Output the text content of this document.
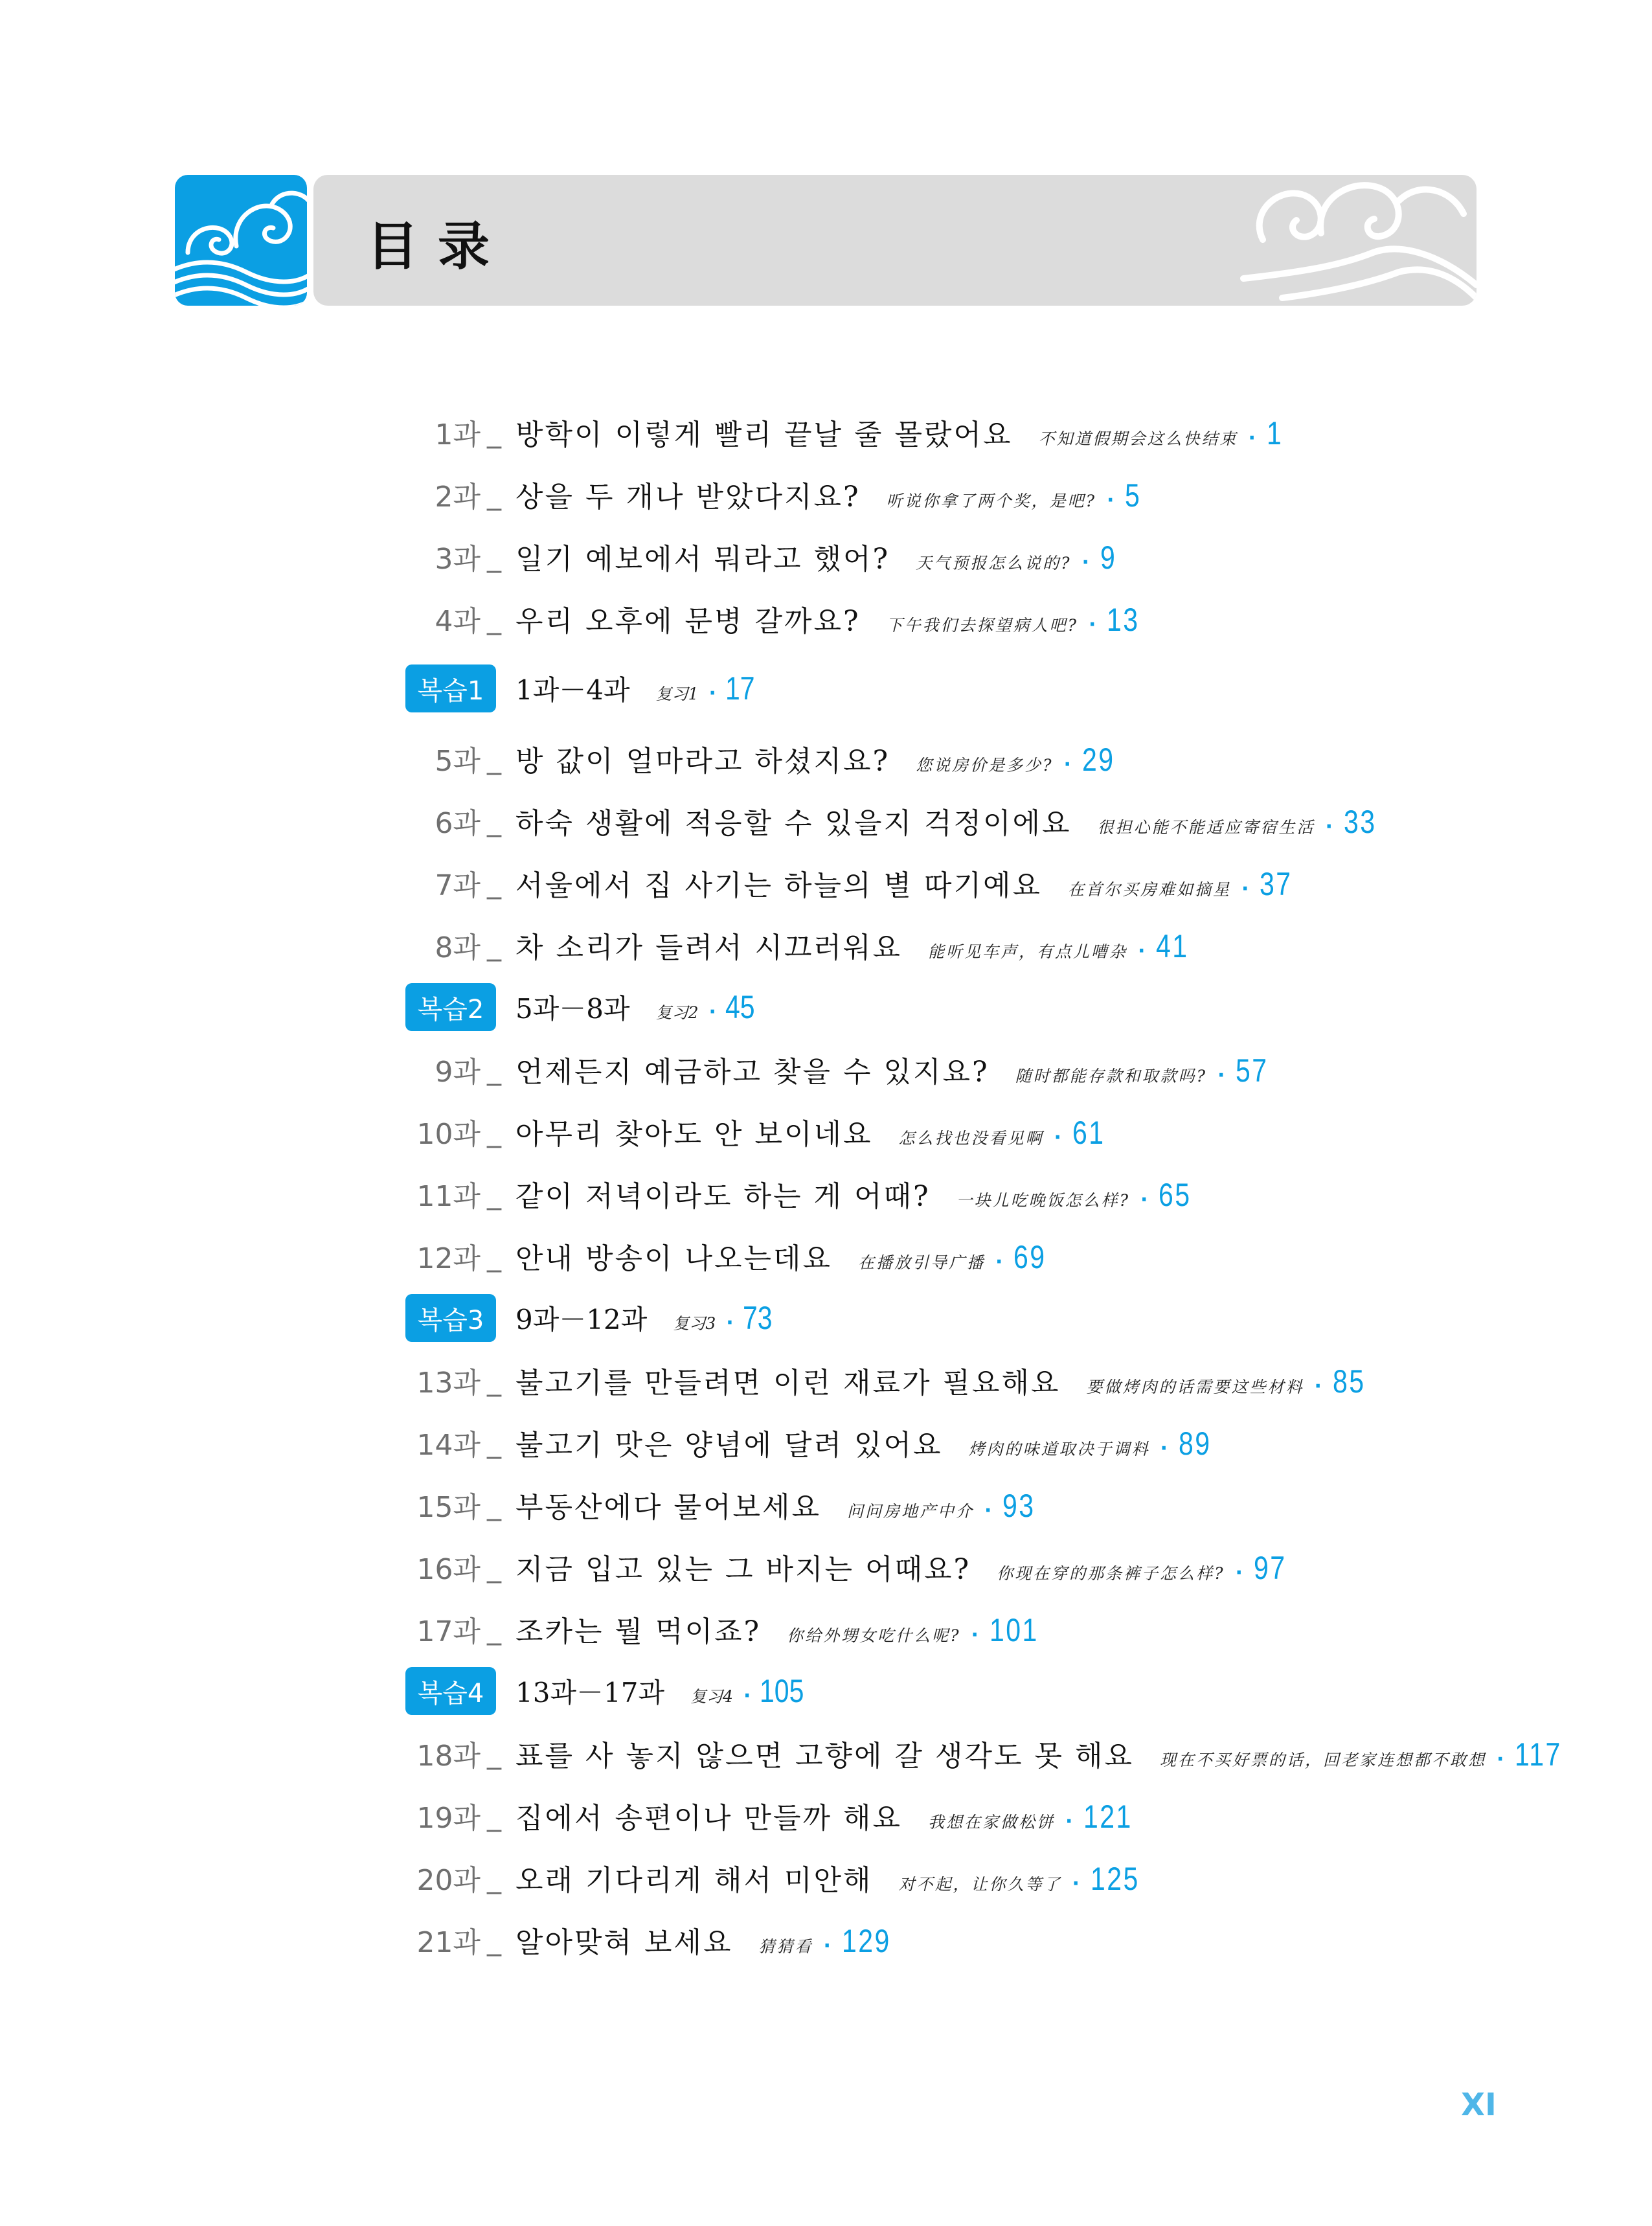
目录
1과 _ 방학이 이렇게 빨리 끝날 줄 몰랐어요 不知道假期会这么快结束 · 1
2과 _ 상을 두 개나 받았다지요? 听说你拿了两个奖，是吧? · 5
3과 _ 일기 예보에서 뭐라고 했어? 天气预报怎么说的? · 9
4과 _ 우리 오후에 문병 갈까요? 下午我们去探望病人吧? · 13
복습1	1과－4과 复习1 · 17
5과 _ 방 값이 얼마라고 하셨지요? 您说房价是多少? · 29
6과 _ 하숙 생활에 적응할 수 있을지 걱정이에요 很担心能不能适应寄宿生活 · 33
7과 _ 서울에서 집 사기는 하늘의 별 따기예요 在首尔买房难如摘星 · 37
8과 _ 차 소리가 들려서 시끄러워요 能听见车声，有点儿嘈杂 · 41
복습2	5과－8과 复习2 · 45
9과 _ 언제든지 예금하고 찾을 수 있지요? 随时都能存款和取款吗? · 57
10과 _ 아무리 찾아도 안 보이네요 怎么找也没看见啊 · 61
11과 _ 같이 저녁이라도 하는 게 어때? 一块儿吃晚饭怎么样? · 65
12과 _ 안내 방송이 나오는데요 在播放引导广播 · 69
복습3	9과－12과 复习3 · 73
13과 _ 불고기를 만들려면 이런 재료가 필요해요 要做烤肉的话需要这些材料 · 85
14과 _ 불고기 맛은 양념에 달려 있어요 烤肉的味道取决于调料 · 89
15과 _ 부동산에다 물어보세요 问问房地产中介 · 93
16과 _ 지금 입고 있는 그 바지는 어때요? 你现在穿的那条裤子怎么样? · 97
17과 _ 조카는 뭘 먹이죠? 你给外甥女吃什么呢? · 101
복습4	13과－17과 复习4 · 105
18과 _ 표를 사 놓지 않으면 고향에 갈 생각도 못 해요 现在不买好票的话，回老家连想都不敢想 · 117
19과 _ 집에서 송편이나 만들까 해요 我想在家做松饼 · 121
20과 _ 오래 기다리게 해서 미안해 对不起，让你久等了 · 125
21과 _ 알아맞혀 보세요 猜猜看 · 129
XI
